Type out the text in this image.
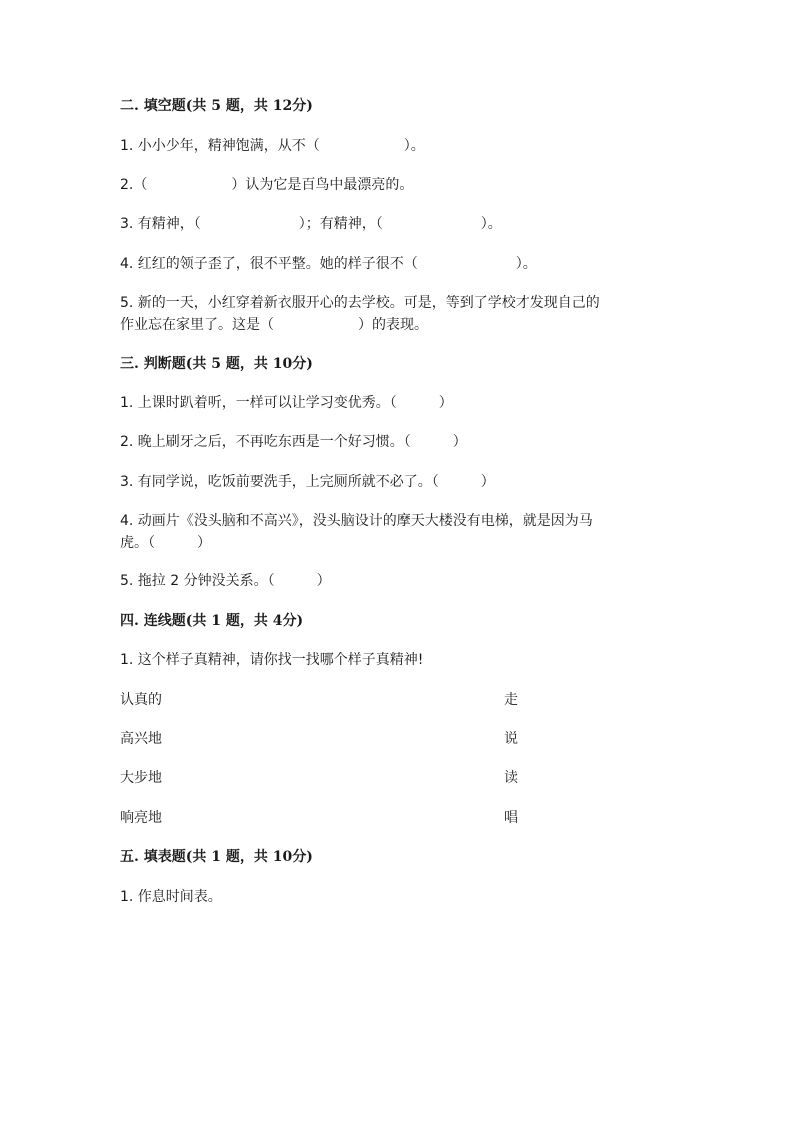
二. 填空题(共 5 题，共 12分)
1. 小小少年，精神饱满，从不（　　　　　　）。
2.（　　　　　　）认为它是百鸟中最漂亮的。
3. 有精神，（　　　　　　　）；有精神，（　　　　　　　）。
4. 红红的领子歪了，很不平整。她的样子很不（　　　　　　　）。
5. 新的一天，小红穿着新衣服开心的去学校。可是，等到了学校才发现自己的
作业忘在家里了。这是（　　　　　　）的表现。
三. 判断题(共 5 题，共 10分)
1. 上课时趴着听，一样可以让学习变优秀。（　　　）
2. 晚上刷牙之后，不再吃东西是一个好习惯。（　　　）
3. 有同学说，吃饭前要洗手，上完厕所就不必了。（　　　）
4. 动画片《没头脑和不高兴》，没头脑设计的摩天大楼没有电梯，就是因为马
虎。（　　　）
5. 拖拉 2 分钟没关系。（　　　）
四. 连线题(共 1 题，共 4分)
1. 这个样子真精神，请你找一找哪个样子真精神!
认真的	走
高兴地	说
大步地	读
响亮地	唱
五. 填表题(共 1 题，共 10分)
1. 作息时间表。
